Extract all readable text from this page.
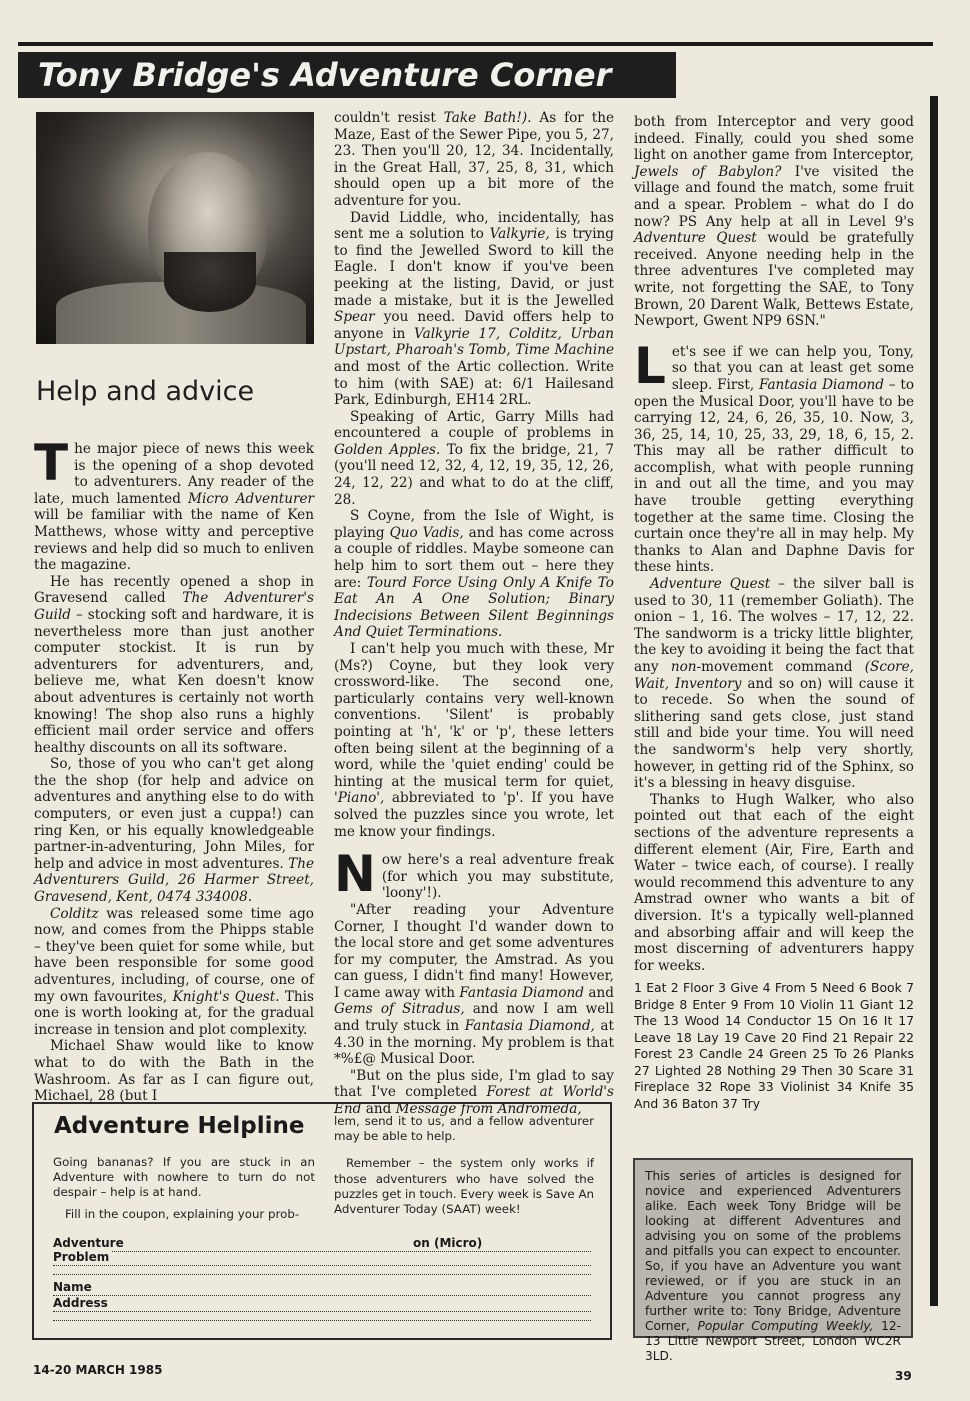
Tony Bridge's Adventure Corner
Help and advice

The major piece of news this week is the opening of a shop devoted to adventurers. Any reader of the late, much lamented Micro Adventurer will be familiar with the name of Ken Matthews, whose witty and perceptive reviews and help did so much to enliven the magazine.

He has recently opened a shop in Gravesend called The Adventurer's Guild – stocking soft and hardware, it is nevertheless more than just another computer stockist. It is run by adventurers for adventurers, and, believe me, what Ken doesn't know about adventures is certainly not worth knowing! The shop also runs a highly efficient mail order service and offers healthy discounts on all its software.

So, those of you who can't get along the the shop (for help and advice on adventures and anything else to do with computers, or even just a cuppa!) can ring Ken, or his equally knowledgeable partner-in-adventuring, John Miles, for help and advice in most adventures. The Adventurers Guild, 26 Harmer Street, Gravesend, Kent, 0474 334008.

Colditz was released some time ago now, and comes from the Phipps stable – they've been quiet for some while, but have been responsible for some good adventures, including, of course, one of my own favourites, Knight's Quest. This one is worth looking at, for the gradual increase in tension and plot complexity.

Michael Shaw would like to know what to do with the Bath in the Washroom. As far as I can figure out, Michael, 28 (but I

couldn't resist Take Bath!). As for the Maze, East of the Sewer Pipe, you 5, 27, 23. Then you'll 20, 12, 34. Incidentally, in the Great Hall, 37, 25, 8, 31, which should open up a bit more of the adventure for you.

David Liddle, who, incidentally, has sent me a solution to Valkyrie, is trying to find the Jewelled Sword to kill the Eagle. I don't know if you've been peeking at the listing, David, or just made a mistake, but it is the Jewelled Spear you need. David offers help to anyone in Valkyrie 17, Colditz, Urban Upstart, Pharoah's Tomb, Time Machine and most of the Artic collection. Write to him (with SAE) at: 6/1 Hailesand Park, Edinburgh, EH14 2RL.

Speaking of Artic, Garry Mills had encountered a couple of problems in Golden Apples. To fix the bridge, 21, 7 (you'll need 12, 32, 4, 12, 19, 35, 12, 26, 24, 12, 22) and what to do at the cliff, 28.

S Coyne, from the Isle of Wight, is playing Quo Vadis, and has come across a couple of riddles. Maybe someone can help him to sort them out – here they are: Tourd Force Using Only A Knife To Eat An A One Solution; Binary Indecisions Between Silent Beginnings And Quiet Terminations.

I can't help you much with these, Mr (Ms?) Coyne, but they look very crossword-like. The second one, particularly contains very well-known conventions. 'Silent' is probably pointing at 'h', 'k' or 'p', these letters often being silent at the beginning of a word, while the 'quiet ending' could be hinting at the musical term for quiet, 'Piano', abbreviated to 'p'. If you have solved the puzzles since you wrote, let me know your findings.

Now here's a real adventure freak (for which you may substitute, 'loony'!).

"After reading your Adventure Corner, I thought I'd wander down to the local store and get some adventures for my computer, the Amstrad. As you can guess, I didn't find many! However, I came away with Fantasia Diamond and Gems of Sitradus, and now I am well and truly stuck in Fantasia Diamond, at 4.30 in the morning. My problem is that *%£@ Musical Door.

"But on the plus side, I'm glad to say that I've completed Forest at World's End and Message from Andromeda,

both from Interceptor and very good indeed. Finally, could you shed some light on another game from Interceptor, Jewels of Babylon? I've visited the village and found the match, some fruit and a spear. Problem – what do I do now? PS Any help at all in Level 9's Adventure Quest would be gratefully received. Anyone needing help in the three adventures I've completed may write, not forgetting the SAE, to Tony Brown, 20 Darent Walk, Bettews Estate, Newport, Gwent NP9 6SN."

Let's see if we can help you, Tony, so that you can at least get some sleep. First, Fantasia Diamond – to open the Musical Door, you'll have to be carrying 12, 24, 6, 26, 35, 10. Now, 3, 36, 25, 14, 10, 25, 33, 29, 18, 6, 15, 2. This may all be rather difficult to accomplish, what with people running in and out all the time, and you may have trouble getting everything together at the same time. Closing the curtain once they're all in may help. My thanks to Alan and Daphne Davis for these hints.

Adventure Quest – the silver ball is used to 30, 11 (remember Goliath). The onion – 1, 16. The wolves – 17, 12, 22. The sandworm is a tricky little blighter, the key to avoiding it being the fact that any non-movement command (Score, Wait, Inventory and so on) will cause it to recede. So when the sound of slithering sand gets close, just stand still and bide your time. You will need the sandworm's help very shortly, however, in getting rid of the Sphinx, so it's a blessing in heavy disguise.

Thanks to Hugh Walker, who also pointed out that each of the eight sections of the adventure represents a different element (Air, Fire, Earth and Water – twice each, of course). I really would recommend this adventure to any Amstrad owner who wants a bit of diversion. It's a typically well-planned and absorbing affair and will keep the most discerning of adventurers happy for weeks.

1 Eat 2 Floor 3 Give 4 From 5 Need 6 Book 7 Bridge 8 Enter 9 From 10 Violin 11 Giant 12 The 13 Wood 14 Conductor 15 On 16 It 17 Leave 18 Lay 19 Cave 20 Find 21 Repair 22 Forest 23 Candle 24 Green 25 To 26 Planks 27 Lighted 28 Nothing 29 Then 30 Scare 31 Fireplace 32 Rope 33 Violinist 34 Knife 35 And 36 Baton 37 Try
Adventure Helpline

Going bananas? If you are stuck in an Adventure with nowhere to turn do not despair – help is at hand.

Fill in the coupon, explaining your prob-

lem, send it to us, and a fellow adventurer may be able to help.

Remember – the system only works if those adventurers who have solved the puzzles get in touch. Every week is Save An Adventurer Today (SAAT) week!

Adventure	on (Micro)
Problem
Name
Address
This series of articles is designed for novice and experienced Adventurers alike. Each week Tony Bridge will be looking at different Adventures and advising you on some of the problems and pitfalls you can expect to encounter. So, if you have an Adventure you want reviewed, or if you are stuck in an Adventure you cannot progress any further write to: Tony Bridge, Adventure Corner, Popular Computing Weekly, 12-13 Little Newport Street, London WC2R 3LD.
14-20 MARCH 1985	39
